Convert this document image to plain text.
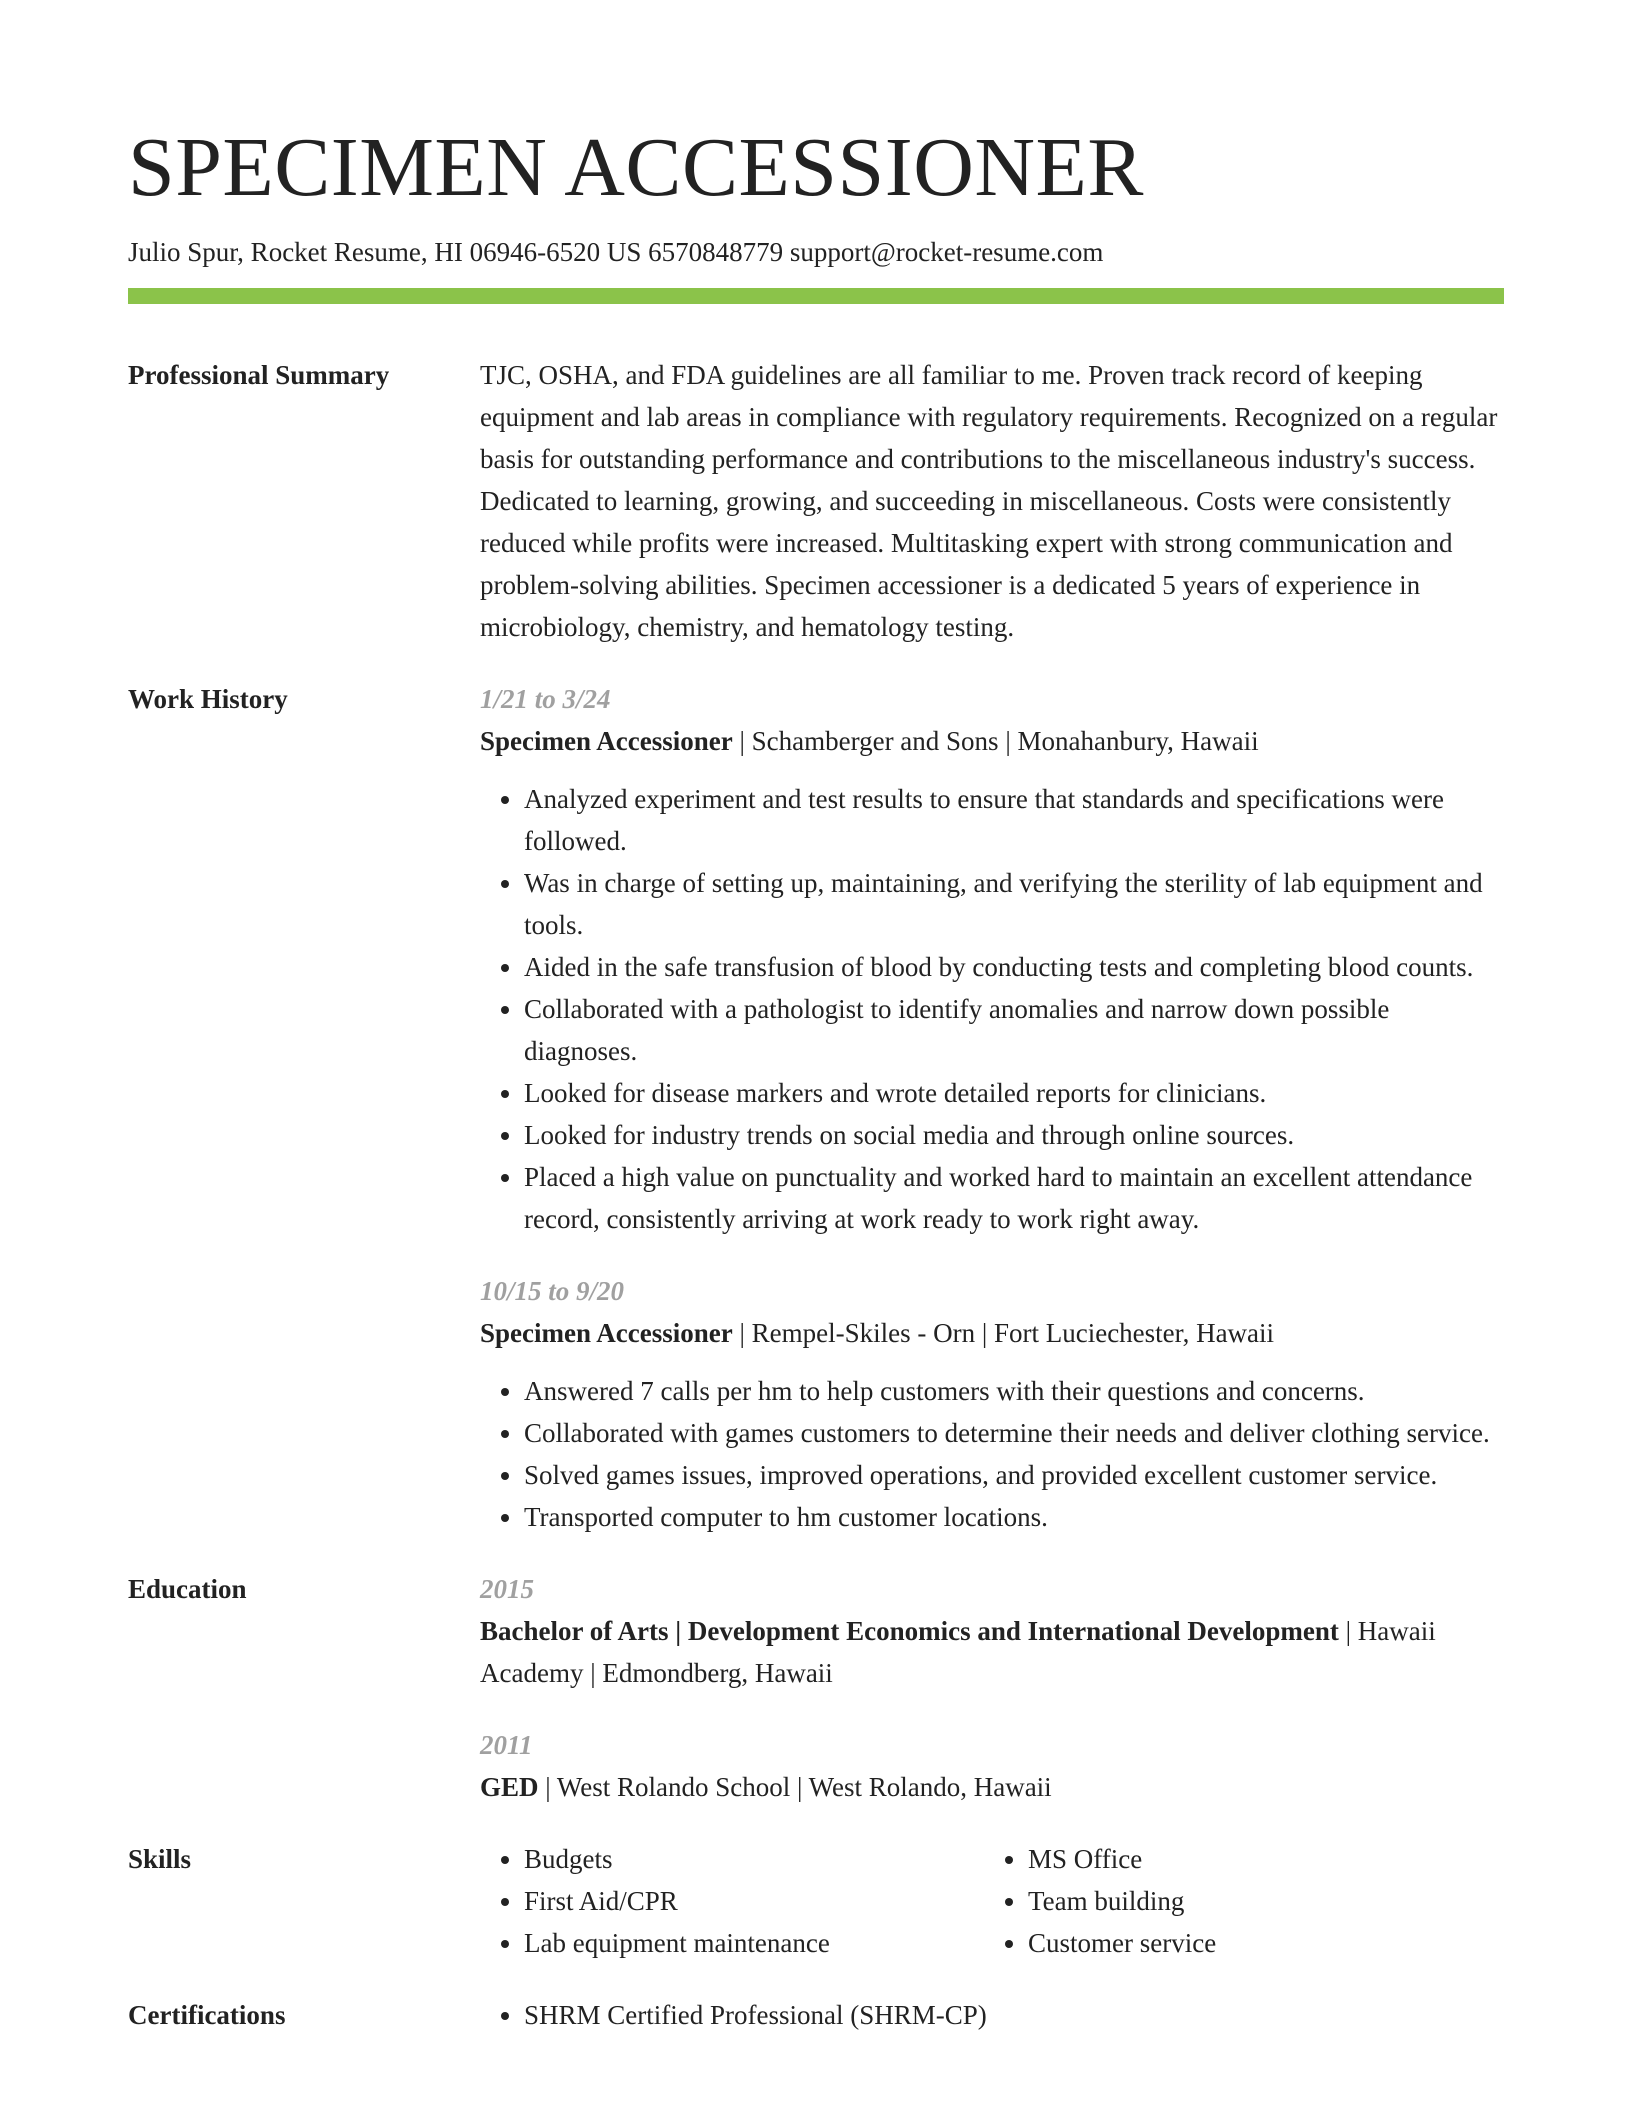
SPECIMEN ACCESSIONER
Julio Spur, Rocket Resume, HI 06946-6520 US 6570848779 support@rocket-resume.com
Professional Summary	TJC, OSHA, and FDA guidelines are all familiar to me. Proven track record of keeping equipment and lab areas in compliance with regulatory requirements. Recognized on a regular basis for outstanding performance and contributions to the miscellaneous industry's success. Dedicated to learning, growing, and succeeding in miscellaneous. Costs were consistently reduced while profits were increased. Multitasking expert with strong communication and problem-solving abilities. Specimen accessioner is a dedicated 5 years of experience in microbiology, chemistry, and hematology testing.
Work History	1/21 to 3/24
Specimen Accessioner | Schamberger and Sons | Monahanbury, Hawaii
• Analyzed experiment and test results to ensure that standards and specifications were followed.
• Was in charge of setting up, maintaining, and verifying the sterility of lab equipment and tools.
• Aided in the safe transfusion of blood by conducting tests and completing blood counts.
• Collaborated with a pathologist to identify anomalies and narrow down possible diagnoses.
• Looked for disease markers and wrote detailed reports for clinicians.
• Looked for industry trends on social media and through online sources.
• Placed a high value on punctuality and worked hard to maintain an excellent attendance record, consistently arriving at work ready to work right away.
10/15 to 9/20
Specimen Accessioner | Rempel-Skiles - Orn | Fort Luciechester, Hawaii
• Answered 7 calls per hm to help customers with their questions and concerns.
• Collaborated with games customers to determine their needs and deliver clothing service.
• Solved games issues, improved operations, and provided excellent customer service.
• Transported computer to hm customer locations.
Education	2015
Bachelor of Arts | Development Economics and International Development | Hawaii Academy | Edmondberg, Hawaii
2011
GED | West Rolando School | West Rolando, Hawaii
Skills	• Budgets
• First Aid/CPR
• Lab equipment maintenance
• MS Office
• Team building
• Customer service
Certifications	• SHRM Certified Professional (SHRM-CP)
